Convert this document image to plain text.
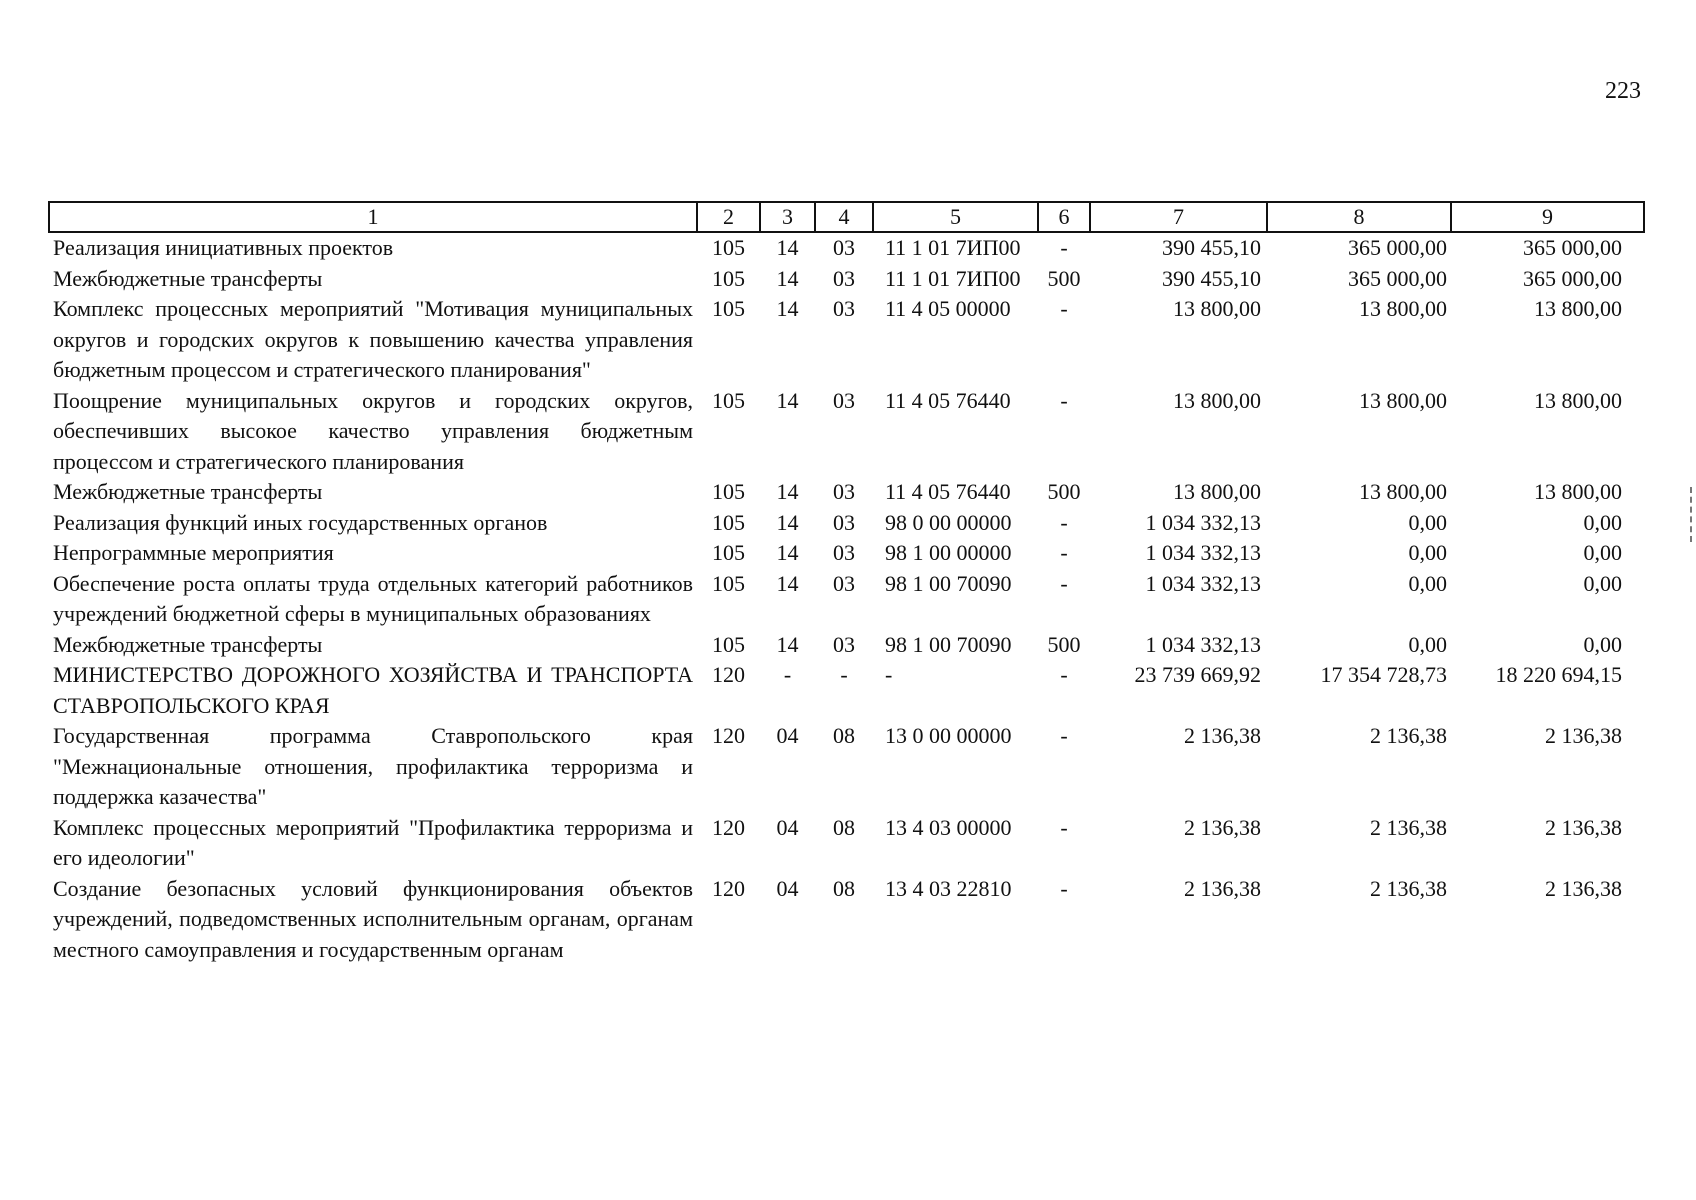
223
1	2	3	4	5	6	7	8	9
Реализация инициативных проектов	105	14	03	11 1 01 7ИП00	-	390 455,10	365 000,00	365 000,00
Межбюджетные трансферты	105	14	03	11 1 01 7ИП00	500	390 455,10	365 000,00	365 000,00
Комплекс процессных мероприятий "Мотивация муниципальных округов и городских округов к повышению качества управления бюджетным процессом и стратегического планирования"	105	14	03	11 4 05 00000	-	13 800,00	13 800,00	13 800,00
Поощрение муниципальных округов и городских округов, обеспечивших высокое качество управления бюджетным процессом и стратегического планирования	105	14	03	11 4 05 76440	-	13 800,00	13 800,00	13 800,00
Межбюджетные трансферты	105	14	03	11 4 05 76440	500	13 800,00	13 800,00	13 800,00
Реализация функций иных государственных органов	105	14	03	98 0 00 00000	-	1 034 332,13	0,00	0,00
Непрограммные мероприятия	105	14	03	98 1 00 00000	-	1 034 332,13	0,00	0,00
Обеспечение роста оплаты труда отдельных категорий работников учреждений бюджетной сферы в муниципальных образованиях	105	14	03	98 1 00 70090	-	1 034 332,13	0,00	0,00
Межбюджетные трансферты	105	14	03	98 1 00 70090	500	1 034 332,13	0,00	0,00
МИНИСТЕРСТВО ДОРОЖНОГО ХОЗЯЙСТВА И ТРАНСПОРТА СТАВРОПОЛЬСКОГО КРАЯ	120	-	-	-	-	23 739 669,92	17 354 728,73	18 220 694,15
Государственная программа Ставропольского края "Межнациональные отношения, профилактика терроризма и поддержка казачества"	120	04	08	13 0 00 00000	-	2 136,38	2 136,38	2 136,38
Комплекс процессных мероприятий "Профилактика терроризма и его идеологии"	120	04	08	13 4 03 00000	-	2 136,38	2 136,38	2 136,38
Создание безопасных условий функционирования объектов учреждений, подведомственных исполнительным органам, органам местного самоуправления и государственным органам	120	04	08	13 4 03 22810	-	2 136,38	2 136,38	2 136,38
